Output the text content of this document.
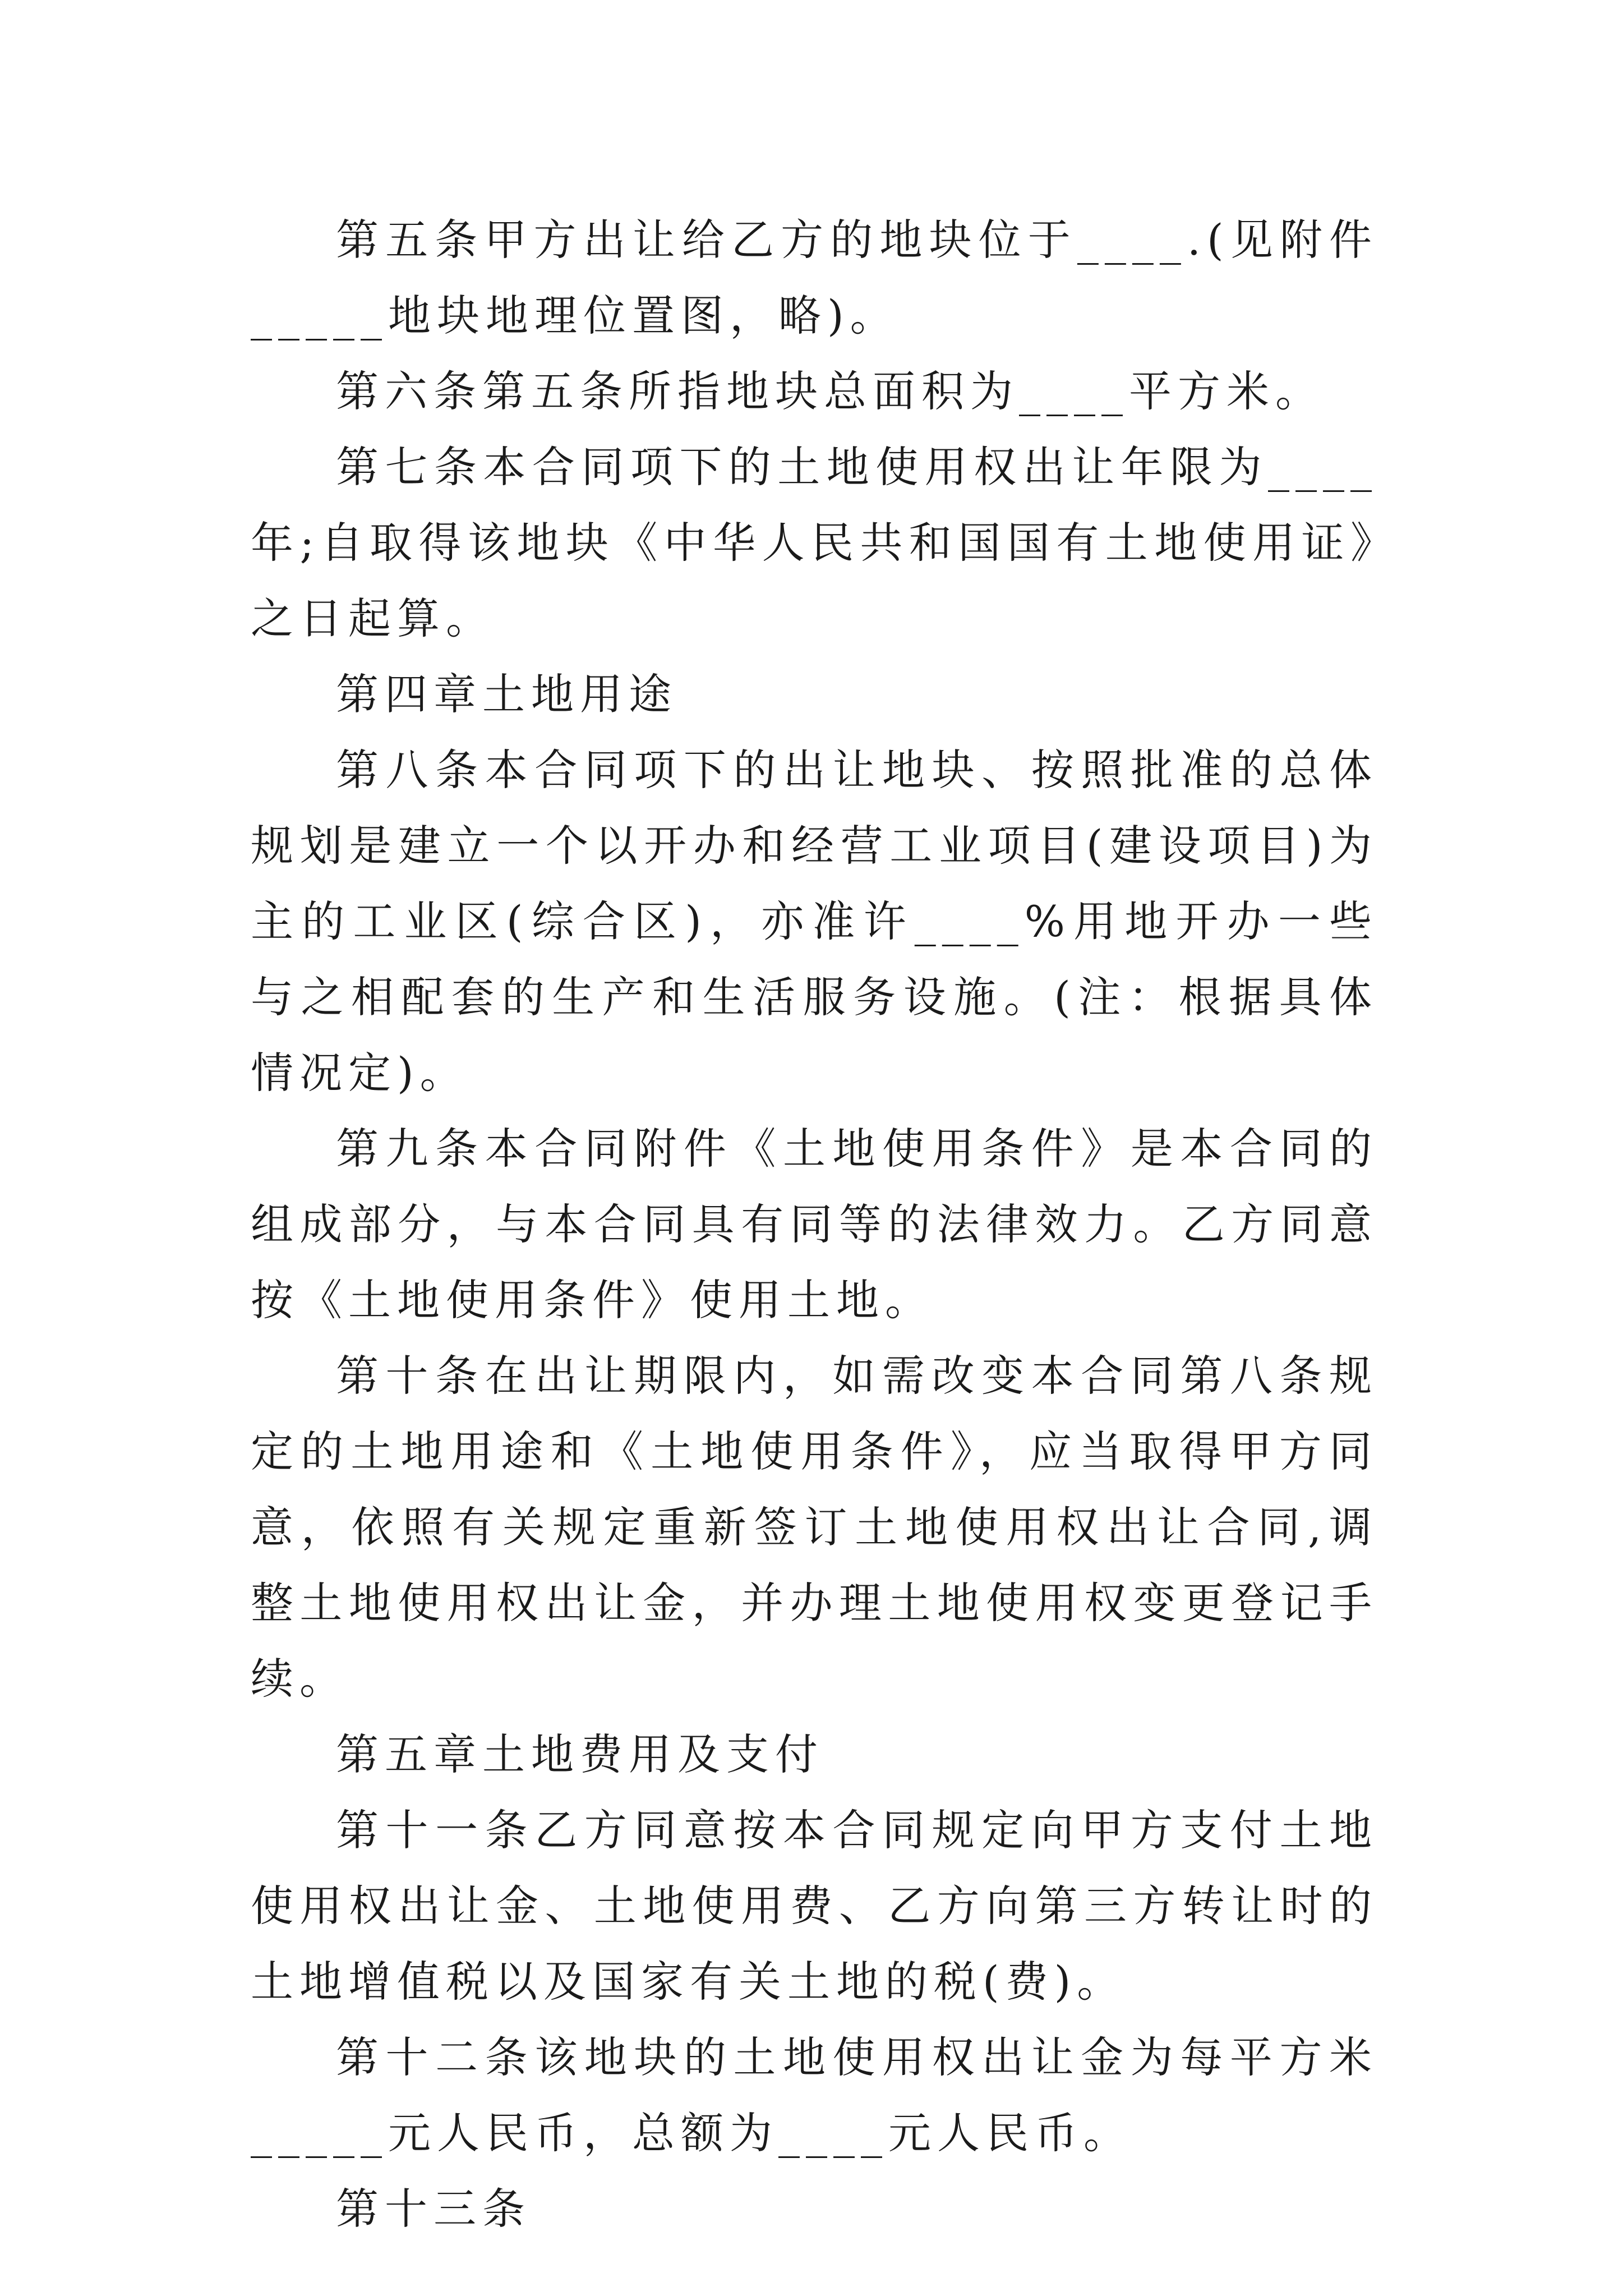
第五条甲方出让给乙方的地块位于____.(见附件_____地块地理位置图，略)。

第六条第五条所指地块总面积为____平方米。

第七条本合同项下的土地使用权出让年限为____年;自取得该地块《中华人民共和国国有土地使用证》之日起算。

第四章土地用途

第八条本合同项下的出让地块、按照批准的总体规划是建立一个以开办和经营工业项目(建设项目)为主的工业区(综合区)，亦准许____%用地开办一些与之相配套的生产和生活服务设施。(注：根据具体情况定)。

第九条本合同附件《土地使用条件》是本合同的组成部分，与本合同具有同等的法律效力。乙方同意按《土地使用条件》使用土地。

第十条在出让期限内，如需改变本合同第八条规定的土地用途和《土地使用条件》，应当取得甲方同意，依照有关规定重新签订土地使用权出让合同,调整土地使用权出让金，并办理土地使用权变更登记手续。

第五章土地费用及支付

第十一条乙方同意按本合同规定向甲方支付土地使用权出让金、土地使用费、乙方向第三方转让时的土地增值税以及国家有关土地的税(费)。

第十二条该地块的土地使用权出让金为每平方米_____元人民币，总额为____元人民币。

第十三条
